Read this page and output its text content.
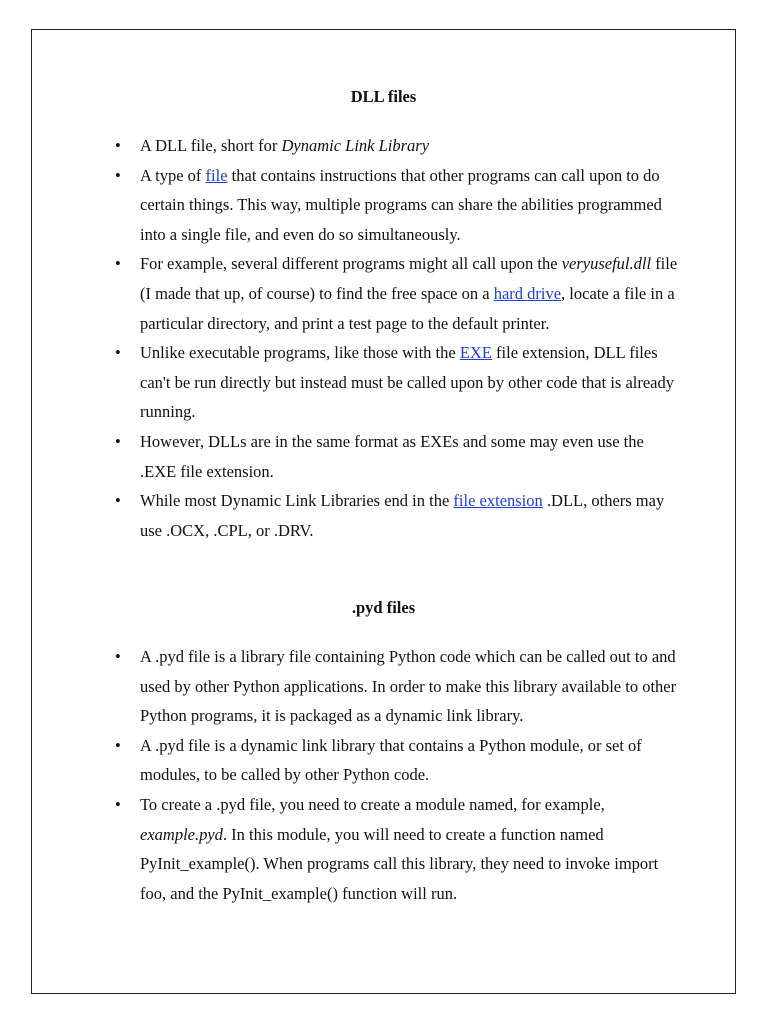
DLL files
• A DLL file, short for Dynamic Link Library
• A type of file that contains instructions that other programs can call upon to do certain things. This way, multiple programs can share the abilities programmed into a single file, and even do so simultaneously.
• For example, several different programs might all call upon the veryuseful.dll file (I made that up, of course) to find the free space on a hard drive, locate a file in a particular directory, and print a test page to the default printer.
• Unlike executable programs, like those with the EXE file extension, DLL files can't be run directly but instead must be called upon by other code that is already running.
• However, DLLs are in the same format as EXEs and some may even use the .EXE file extension.
• While most Dynamic Link Libraries end in the file extension .DLL, others may use .OCX, .CPL, or .DRV.
.pyd files
• A .pyd file is a library file containing Python code which can be called out to and used by other Python applications. In order to make this library available to other Python programs, it is packaged as a dynamic link library.
• A .pyd file is a dynamic link library that contains a Python module, or set of modules, to be called by other Python code.
• To create a .pyd file, you need to create a module named, for example, example.pyd. In this module, you will need to create a function named PyInit_example(). When programs call this library, they need to invoke import foo, and the PyInit_example() function will run.
